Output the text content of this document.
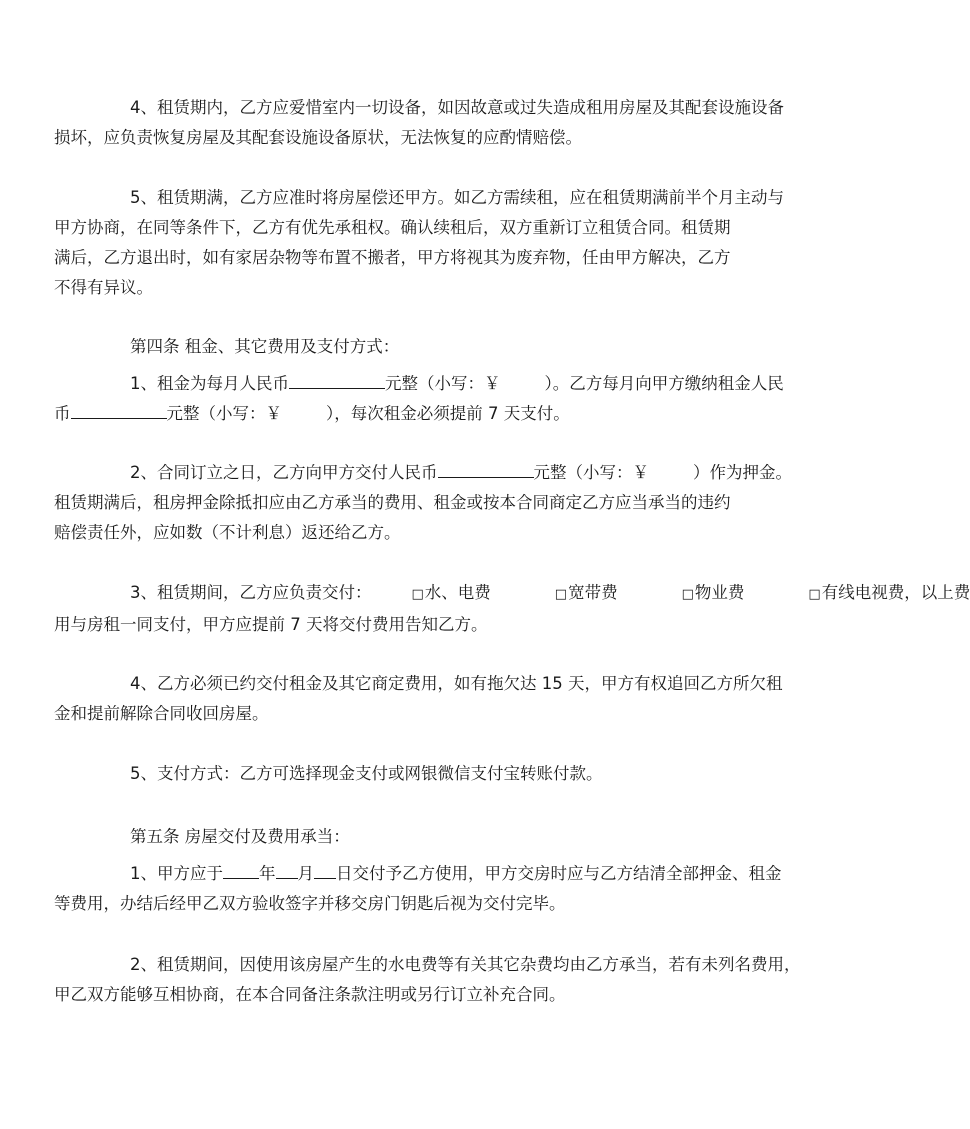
4、租赁期内，乙方应爱惜室内一切设备，如因故意或过失造成租用房屋及其配套设施设备
损坏，应负责恢复房屋及其配套设施设备原状，无法恢复的应酌情赔偿。
5、租赁期满，乙方应准时将房屋偿还甲方。如乙方需续租，应在租赁期满前半个月主动与
甲方协商，在同等条件下，乙方有优先承租权。确认续租后，双方重新订立租赁合同。租赁期
满后，乙方退出时，如有家居杂物等布置不搬者，甲方将视其为废弃物，任由甲方解决，乙方
不得有异议。
第四条 租金、其它费用及支付方式：
1、租金为每月人民币	元整（小写：￥	）。乙方每月向甲方缴纳租金人民
币	元整（小写：￥	），每次租金必须提前 7 天支付。
2、合同订立之日，乙方向甲方交付人民币	元整（小写：￥	）作为押金。
租赁期满后，租房押金除抵扣应由乙方承当的费用、租金或按本合同商定乙方应当承当的违约
赔偿责任外，应如数（不计利息）返还给乙方。
3、租赁期间，乙方应负责交付：	□水、电费	□宽带费	□物业费	□有线电视费，以上费
用与房租一同支付，甲方应提前 7 天将交付费用告知乙方。
4、乙方必须已约交付租金及其它商定费用，如有拖欠达 15 天，甲方有权追回乙方所欠租
金和提前解除合同收回房屋。
5、支付方式：乙方可选择现金支付或网银微信支付宝转账付款。
第五条 房屋交付及费用承当：
1、甲方应于 年 月 日交付予乙方使用，甲方交房时应与乙方结清全部押金、租金
等费用，办结后经甲乙双方验收签字并移交房门钥匙后视为交付完毕。
2、租赁期间，因使用该房屋产生的水电费等有关其它杂费均由乙方承当，若有未列名费用，
甲乙双方能够互相协商，在本合同备注条款注明或另行订立补充合同。
